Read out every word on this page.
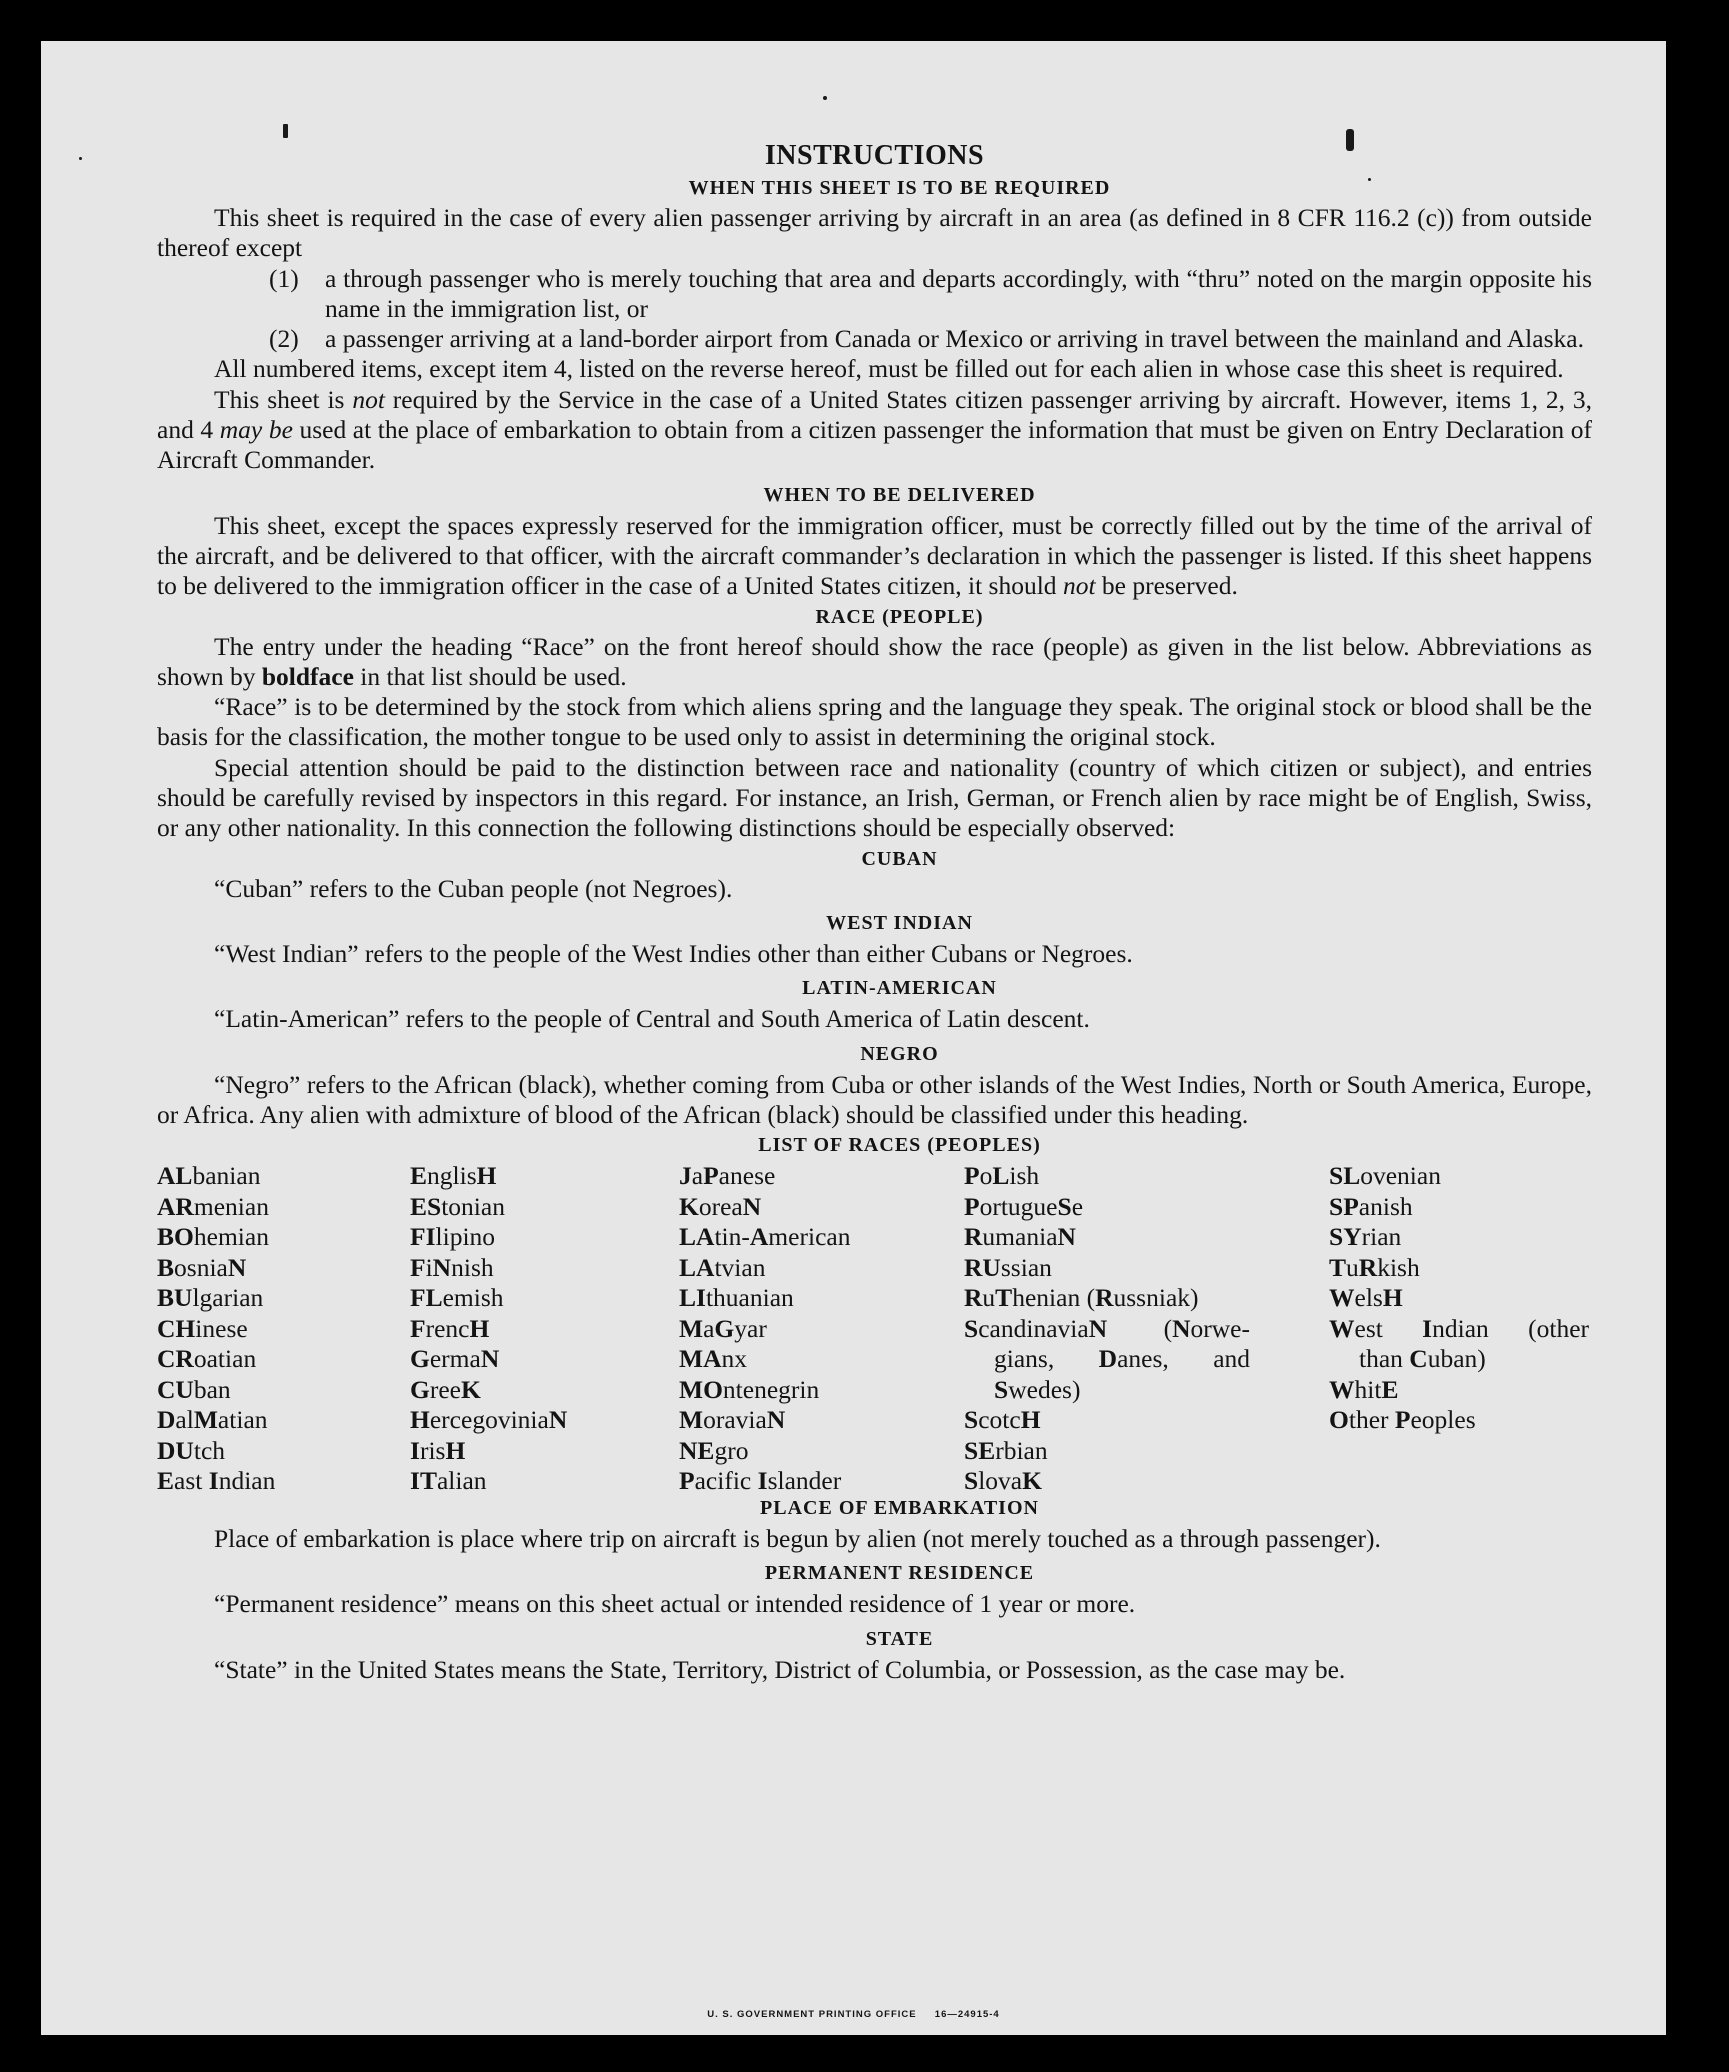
INSTRUCTIONS
WHEN THIS SHEET IS TO BE REQUIRED

This sheet is required in the case of every alien passenger arriving by aircraft in an area (as defined in 8 CFR 116.2 (c)) from outside thereof except

(1) a through passenger who is merely touching that area and departs accordingly, with “thru” noted on the margin opposite his name in the immigration list, or

(2) a passenger arriving at a land-border airport from Canada or Mexico or arriving in travel between the mainland and Alaska.

All numbered items, except item 4, listed on the reverse hereof, must be filled out for each alien in whose case this sheet is required.

This sheet is not required by the Service in the case of a United States citizen passenger arriving by aircraft. However, items 1, 2, 3, and 4 may be used at the place of embarkation to obtain from a citizen passenger the information that must be given on Entry Declaration of Aircraft Commander.

WHEN TO BE DELIVERED

This sheet, except the spaces expressly reserved for the immigration officer, must be correctly filled out by the time of the arrival of the aircraft, and be delivered to that officer, with the aircraft commander’s declaration in which the passenger is listed. If this sheet happens to be delivered to the immigration officer in the case of a United States citizen, it should not be preserved.

RACE (PEOPLE)

The entry under the heading “Race” on the front hereof should show the race (people) as given in the list below. Abbreviations as shown by boldface in that list should be used.

“Race” is to be determined by the stock from which aliens spring and the language they speak. The original stock or blood shall be the basis for the classification, the mother tongue to be used only to assist in determining the original stock.

Special attention should be paid to the distinction between race and nationality (country of which citizen or subject), and entries should be carefully revised by inspectors in this regard. For instance, an Irish, German, or French alien by race might be of English, Swiss, or any other nationality. In this connection the following distinctions should be especially observed:

CUBAN

“Cuban” refers to the Cuban people (not Negroes).

WEST INDIAN

“West Indian” refers to the people of the West Indies other than either Cubans or Negroes.

LATIN-AMERICAN

“Latin-American” refers to the people of Central and South America of Latin descent.

NEGRO

“Negro” refers to the African (black), whether coming from Cuba or other islands of the West Indies, North or South America, Europe, or Africa. Any alien with admixture of blood of the African (black) should be classified under this heading.

LIST OF RACES (PEOPLES)
ALbanian
ARmenian
BOhemian
BosniaN
BUlgarian
CHinese
CRoatian
CUban
DalMatian
DUtch
East Indian
EnglisH
EStonian
FIlipino
FiNnish
FLemish
FrencH
GermaN
GreeK
HercegoviniaN
IrisH
ITalian
JaPanese
KoreaN
LAtin-American
LAtvian
LIthuanian
MaGyar
MAnx
MOntenegrin
MoraviaN
NEgro
Pacific Islander
PoLish
PortugueSe
RumaniaN
RUssian
RuThenian (Russniak)
ScandinaviaN (Norwe-
gians, Danes, and
Swedes)
ScotcH
SErbian
SlovaK
SLovenian
SPanish
SYrian
TuRkish
WelsH
West Indian (other
than Cuban)
WhitE
Other Peoples
PLACE OF EMBARKATION

Place of embarkation is place where trip on aircraft is begun by alien (not merely touched as a through passenger).

PERMANENT RESIDENCE

“Permanent residence” means on this sheet actual or intended residence of 1 year or more.

STATE

“State” in the United States means the State, Territory, District of Columbia, or Possession, as the case may be.

U. S. GOVERNMENT PRINTING OFFICE     16—24915-4
